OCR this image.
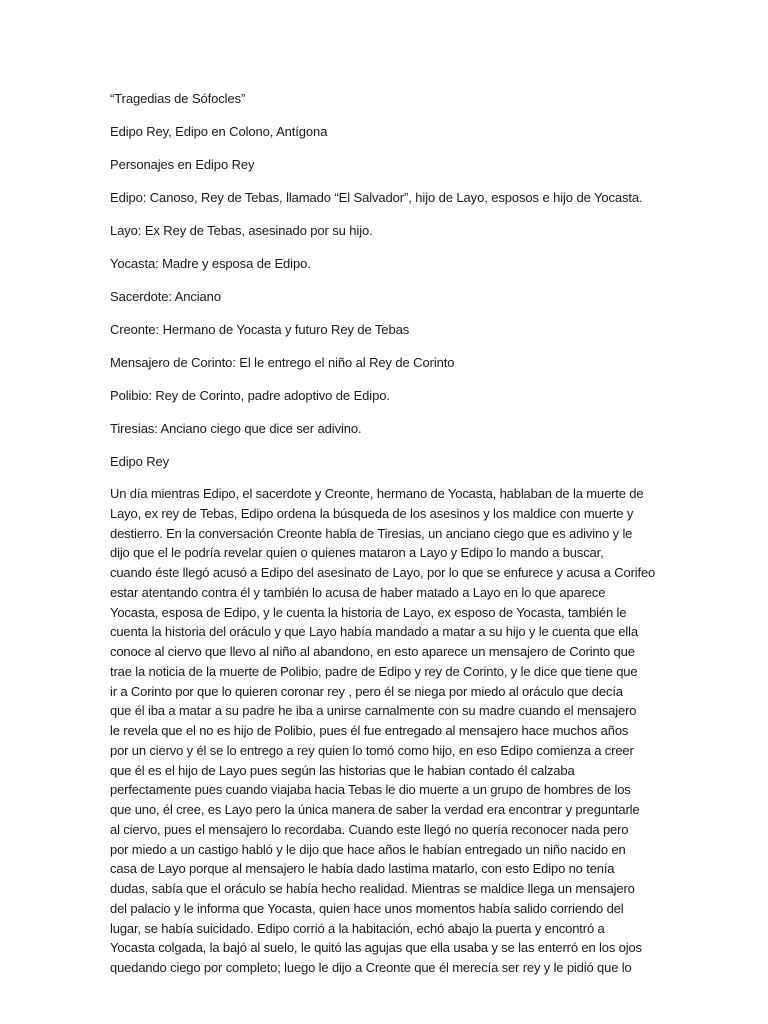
“Tragedias de Sófocles”

Edipo Rey, Edipo en Colono, Antígona

Personajes en Edipo Rey

Edipo: Canoso, Rey de Tebas, llamado “El Salvador”, hijo de Layo, esposos e hijo de Yocasta.

Layo: Ex Rey de Tebas, asesinado por su hijo.

Yocasta: Madre y esposa de Edipo.

Sacerdote: Anciano

Creonte: Hermano de Yocasta y futuro Rey de Tebas

Mensajero de Corinto: El le entrego el niño al Rey de Corinto

Polibio: Rey de Corinto, padre adoptivo de Edipo.

Tiresias: Anciano ciego que dice ser adivino.

Edipo Rey

Un día mientras Edipo, el sacerdote y Creonte, hermano de Yocasta, hablaban de la muerte de
Layo, ex rey de Tebas, Edipo ordena la búsqueda de los asesinos y los maldice con muerte y
destierro. En la conversación Creonte habla de Tiresias, un anciano ciego que es adivino y le
dijo que el le podría revelar quien o quienes mataron a Layo y Edipo lo mando a buscar,
cuando éste llegó acusó a Edipo del asesinato de Layo, por lo que se enfurece y acusa a Corifeo
estar atentando contra él y también lo acusa de haber matado a Layo en lo que aparece
Yocasta, esposa de Edipo, y le cuenta la historia de Layo, ex esposo de Yocasta, también le
cuenta la historia del oráculo y que Layo había mandado a matar a su hijo y le cuenta que ella
conoce al ciervo que llevo al niño al abandono, en esto aparece un mensajero de Corinto que
trae la noticia de la muerte de Polibio, padre de Edipo y rey de Corinto, y le dice que tiene que
ir a Corinto por que lo quieren coronar rey , pero él se niega por miedo al oráculo que decía
que él iba a matar a su padre he iba a unirse carnalmente con su madre cuando el mensajero
le revela que el no es hijo de Polibio, pues él fue entregado al mensajero hace muchos años
por un ciervo y él se lo entrego a rey quien lo tomó como hijo, en eso Edipo comienza a creer
que él es el hijo de Layo pues según las historias que le habian contado él calzaba
perfectamente pues cuando viajaba hacia Tebas le dio muerte a un grupo de hombres de los
que uno, él cree, es Layo pero la única manera de saber la verdad era encontrar y preguntarle
al ciervo, pues el mensajero lo recordaba. Cuando este llegó no quería reconocer nada pero
por miedo a un castigo habló y le dijo que hace años le habían entregado un niño nacido en
casa de Layo porque al mensajero le había dado lastima matarlo, con esto Edipo no tenía
dudas, sabía que el oráculo se había hecho realidad. Mientras se maldice llega un mensajero
del palacio y le informa que Yocasta, quien hace unos momentos había salido corriendo del
lugar, se había suicidado. Edipo corrió a la habitación, echó abajo la puerta y encontró a
Yocasta colgada, la bajó al suelo, le quitó las agujas que ella usaba y se las enterró en los ojos
quedando ciego por completo; luego le dijo a Creonte que él merecía ser rey y le pidió que lo
